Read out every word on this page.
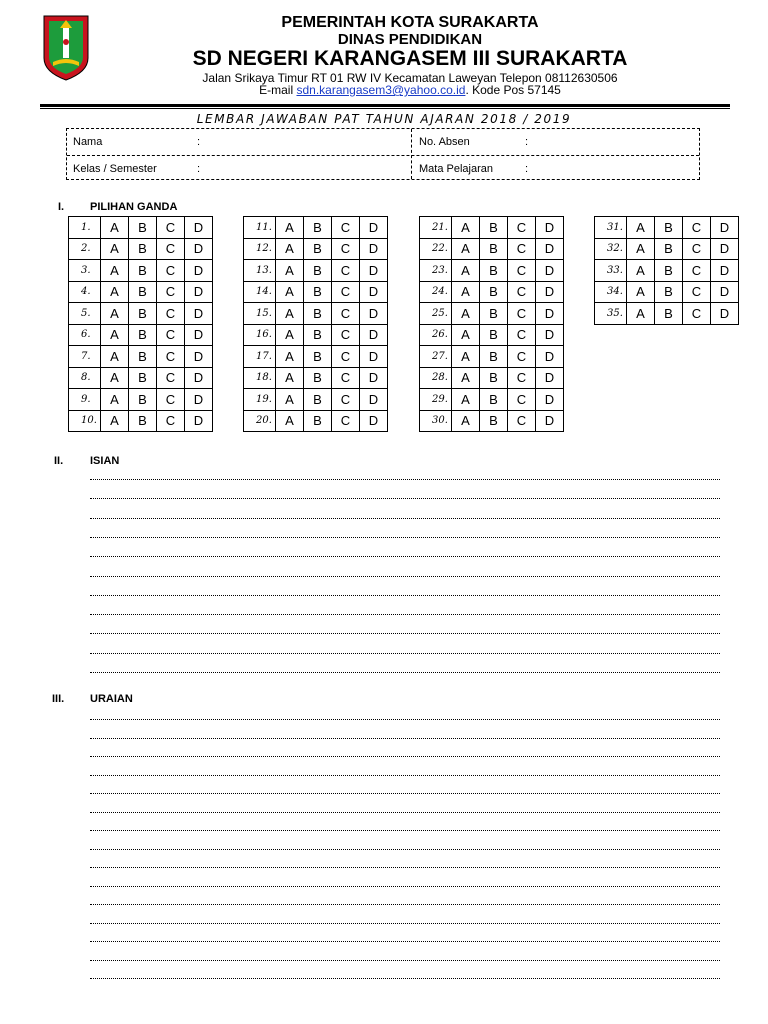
PEMERINTAH KOTA SURAKARTA
DINAS PENDIDIKAN
SD NEGERI KARANGASEM III SURAKARTA
Jalan Srikaya Timur RT 01 RW IV Kecamatan Laweyan Telepon 08112630506
E-mail sdn.karangasem3@yahoo.co.id. Kode Pos 57145
LEMBAR JAWABAN PAT TAHUN AJARAN 2018 / 2019
Nama	:	No. Absen	:
Kelas / Semester	:	Mata Pelajaran	:
I. PILIHAN GANDA
1.	A	B	C	D
2.	A	B	C	D
3.	A	B	C	D
4.	A	B	C	D
5.	A	B	C	D
6.	A	B	C	D
7.	A	B	C	D
8.	A	B	C	D
9.	A	B	C	D
10.	A	B	C	D
11.	A	B	C	D
12.	A	B	C	D
13.	A	B	C	D
14.	A	B	C	D
15.	A	B	C	D
16.	A	B	C	D
17.	A	B	C	D
18.	A	B	C	D
19.	A	B	C	D
20.	A	B	C	D
21.	A	B	C	D
22.	A	B	C	D
23.	A	B	C	D
24.	A	B	C	D
25.	A	B	C	D
26.	A	B	C	D
27.	A	B	C	D
28.	A	B	C	D
29.	A	B	C	D
30.	A	B	C	D
31.	A	B	C	D
32.	A	B	C	D
33.	A	B	C	D
34.	A	B	C	D
35.	A	B	C	D
II. ISIAN
III. URAIAN
